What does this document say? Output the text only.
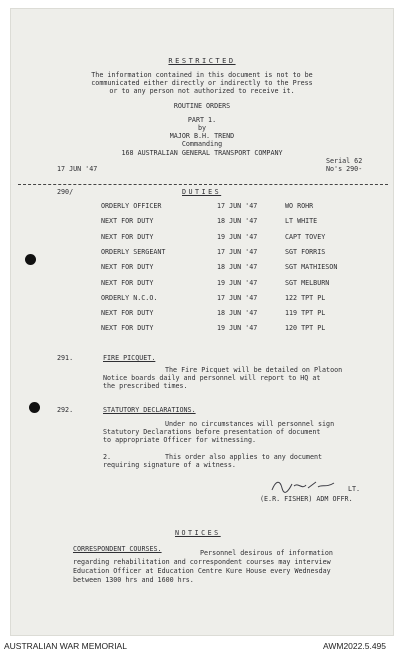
RESTRICTED
The information contained in this document is not to be
communicated either directly or indirectly to the Press
or to any person not authorized to receive it.
ROUTINE ORDERS
PART 1.
by
MAJOR B.H. TREND
Commanding
168 AUSTRALIAN GENERAL TRANSPORT COMPANY
17 JUN '47
Serial 62
No's 290-
290/	DUTIES
ORDERLY OFFICER	17 JUN '47	WO ROHR
NEXT FOR DUTY	18 JUN '47	LT WHITE
NEXT FOR DUTY	19 JUN '47	CAPT TOVEY
ORDERLY SERGEANT	17 JUN '47	SGT FORRIS
NEXT FOR DUTY	18 JUN '47	SGT MATHIESON
NEXT FOR DUTY	19 JUN '47	SGT MELBURN
ORDERLY N.C.O.	17 JUN '47	122 TPT PL
NEXT FOR DUTY	18 JUN '47	119 TPT PL
NEXT FOR DUTY	19 JUN '47	120 TPT PL
291.	FIRE PICQUET.
The Fire Picquet will be detailed on Platoon
Notice boards daily and personnel will report to HQ at
the prescribed times.
292.	STATUTORY DECLARATIONS.
Under no circumstances will personnel sign
Statutory Declarations before presentation of document
to appropriate Officer for witnessing.
2.	This order also applies to any document
requiring signature of a witness.
LT.
(E.R. FISHER) ADM OFFR.
NOTICES
CORRESPONDENT COURSES.	Personnel desirous of information
regarding rehabilitation and correspondent courses may interview
Education Officer at Education Centre Kure House every Wednesday
between 1300 hrs and 1600 hrs.
AUSTRALIAN WAR MEMORIAL	AWM2022.5.495
